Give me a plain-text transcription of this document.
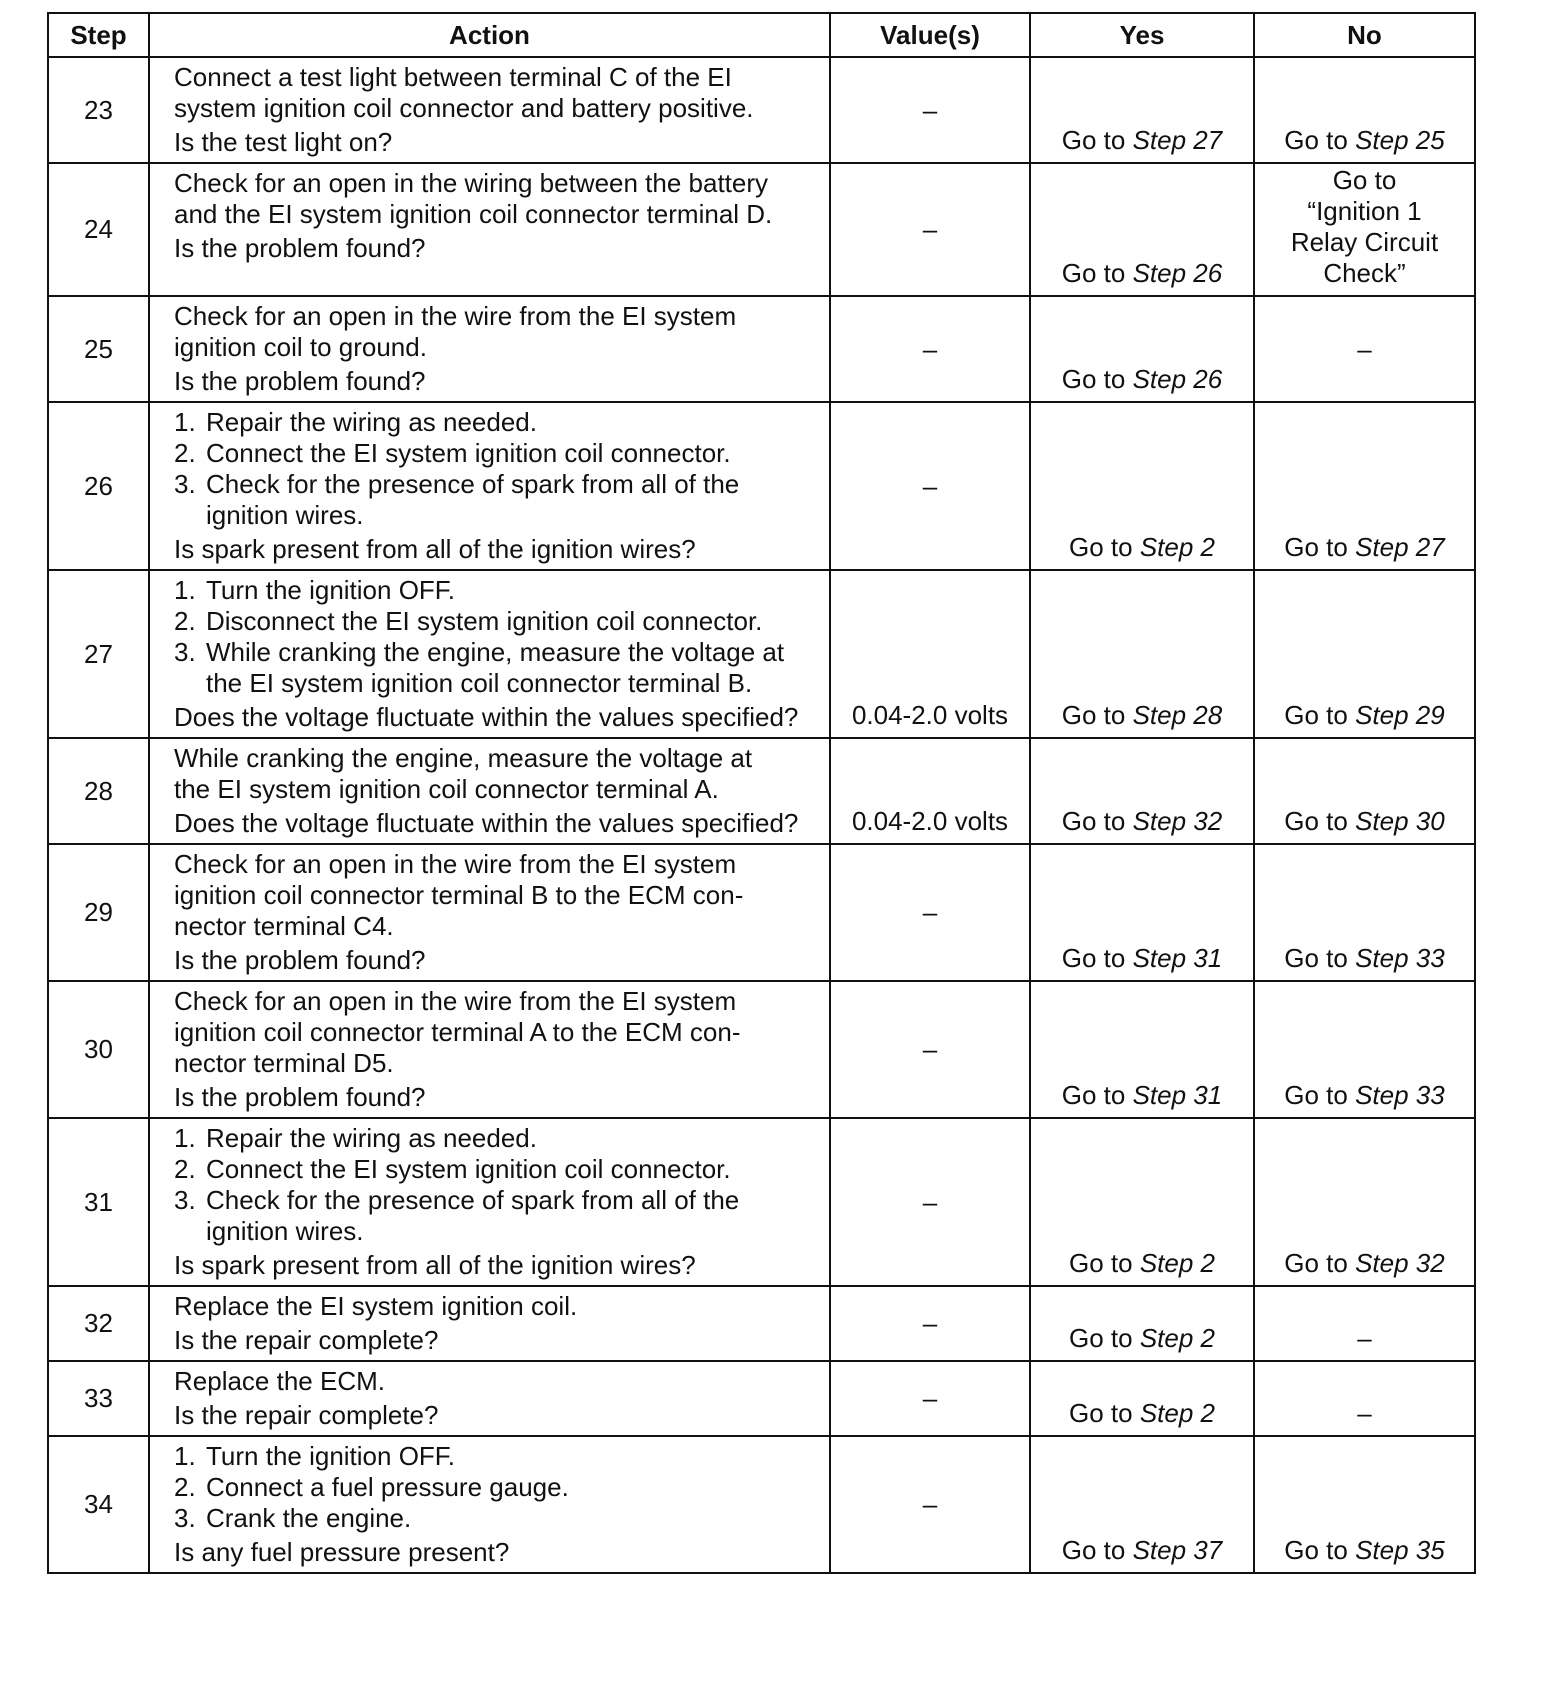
Step	Action	Value(s)	Yes	No
23	Connect a test light between terminal C of the EI
system ignition coil connector and battery positive.
Is the test light on?	–	Go to Step 27	Go to Step 25
24	Check for an open in the wiring between the battery
and the EI system ignition coil connector terminal D.
Is the problem found?	–	Go to Step 26	Go to
“Ignition 1
Relay Circuit
Check”

25	Check for an open in the wire from the EI system
ignition coil to ground.
Is the problem found?	–	Go to Step 26	–
26	1. Repair the wiring as needed.
2. Connect the EI system ignition coil connector.
3. Check for the presence of spark from all of the
ignition wires.
Is spark present from all of the ignition wires?	–	Go to Step 2	Go to Step 27
27	1. Turn the ignition OFF.
2. Disconnect the EI system ignition coil connector.
3. While cranking the engine, measure the voltage at
the EI system ignition coil connector terminal B.
Does the voltage fluctuate within the values specified?	0.04-2.0 volts	Go to Step 28	Go to Step 29
28	While cranking the engine, measure the voltage at
the EI system ignition coil connector terminal A.
Does the voltage fluctuate within the values specified?	0.04-2.0 volts	Go to Step 32	Go to Step 30
29	Check for an open in the wire from the EI system
ignition coil connector terminal B to the ECM con-
nector terminal C4.
Is the problem found?	–	Go to Step 31	Go to Step 33
30	Check for an open in the wire from the EI system
ignition coil connector terminal A to the ECM con-
nector terminal D5.
Is the problem found?	–	Go to Step 31	Go to Step 33
31	1. Repair the wiring as needed.
2. Connect the EI system ignition coil connector.
3. Check for the presence of spark from all of the
ignition wires.
Is spark present from all of the ignition wires?	–	Go to Step 2	Go to Step 32
32	Replace the EI system ignition coil.
Is the repair complete?	–	Go to Step 2	–
33	Replace the ECM.
Is the repair complete?	–	Go to Step 2	–
34	1. Turn the ignition OFF.
2. Connect a fuel pressure gauge.
3. Crank the engine.
Is any fuel pressure present?	–	Go to Step 37	Go to Step 35
